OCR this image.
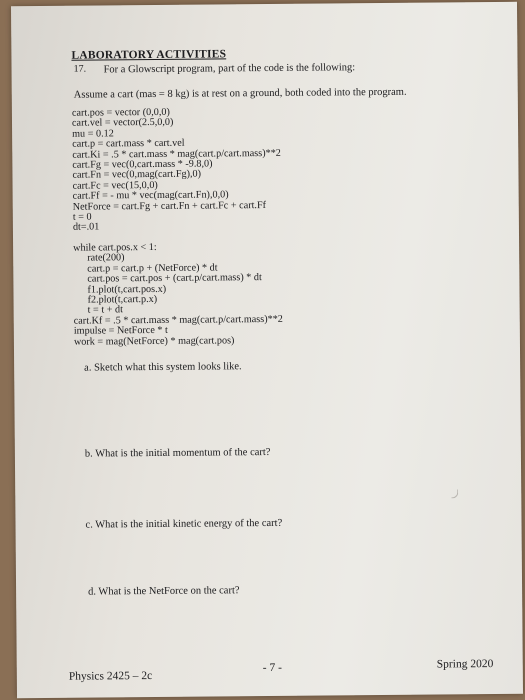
LABORATORY ACTIVITIES
17. For a Glowscript program, part of the code is the following:
Assume a cart (mas = 8 kg) is at rest on a ground, both coded into the program.
cart.pos = vector (0,0,0)
cart.vel = vector(2.5,0,0)
mu = 0.12
cart.p = cart.mass * cart.vel
cart.Ki = .5 * cart.mass * mag(cart.p/cart.mass)**2
cart.Fg = vec(0,cart.mass * -9.8,0)
cart.Fn = vec(0,mag(cart.Fg),0)
cart.Fc = vec(15,0,0)
cart.Ff = - mu * vec(mag(cart.Fn),0,0)
NetForce = cart.Fg + cart.Fn + cart.Fc + cart.Ff
t = 0
dt=.01
while cart.pos.x < 1:
rate(200)
cart.p = cart.p + (NetForce) * dt
cart.pos = cart.pos + (cart.p/cart.mass) * dt
f1.plot(t,cart.pos.x)
f2.plot(t,cart.p.x)
t = t + dt
cart.Kf = .5 * cart.mass * mag(cart.p/cart.mass)**2
impulse = NetForce * t
work = mag(NetForce) * mag(cart.pos)
a. Sketch what this system looks like.
b. What is the initial momentum of the cart?
c. What is the initial kinetic energy of the cart?
d. What is the NetForce on the cart?
Physics 2425 – 2c
- 7 -	Spring 2020
